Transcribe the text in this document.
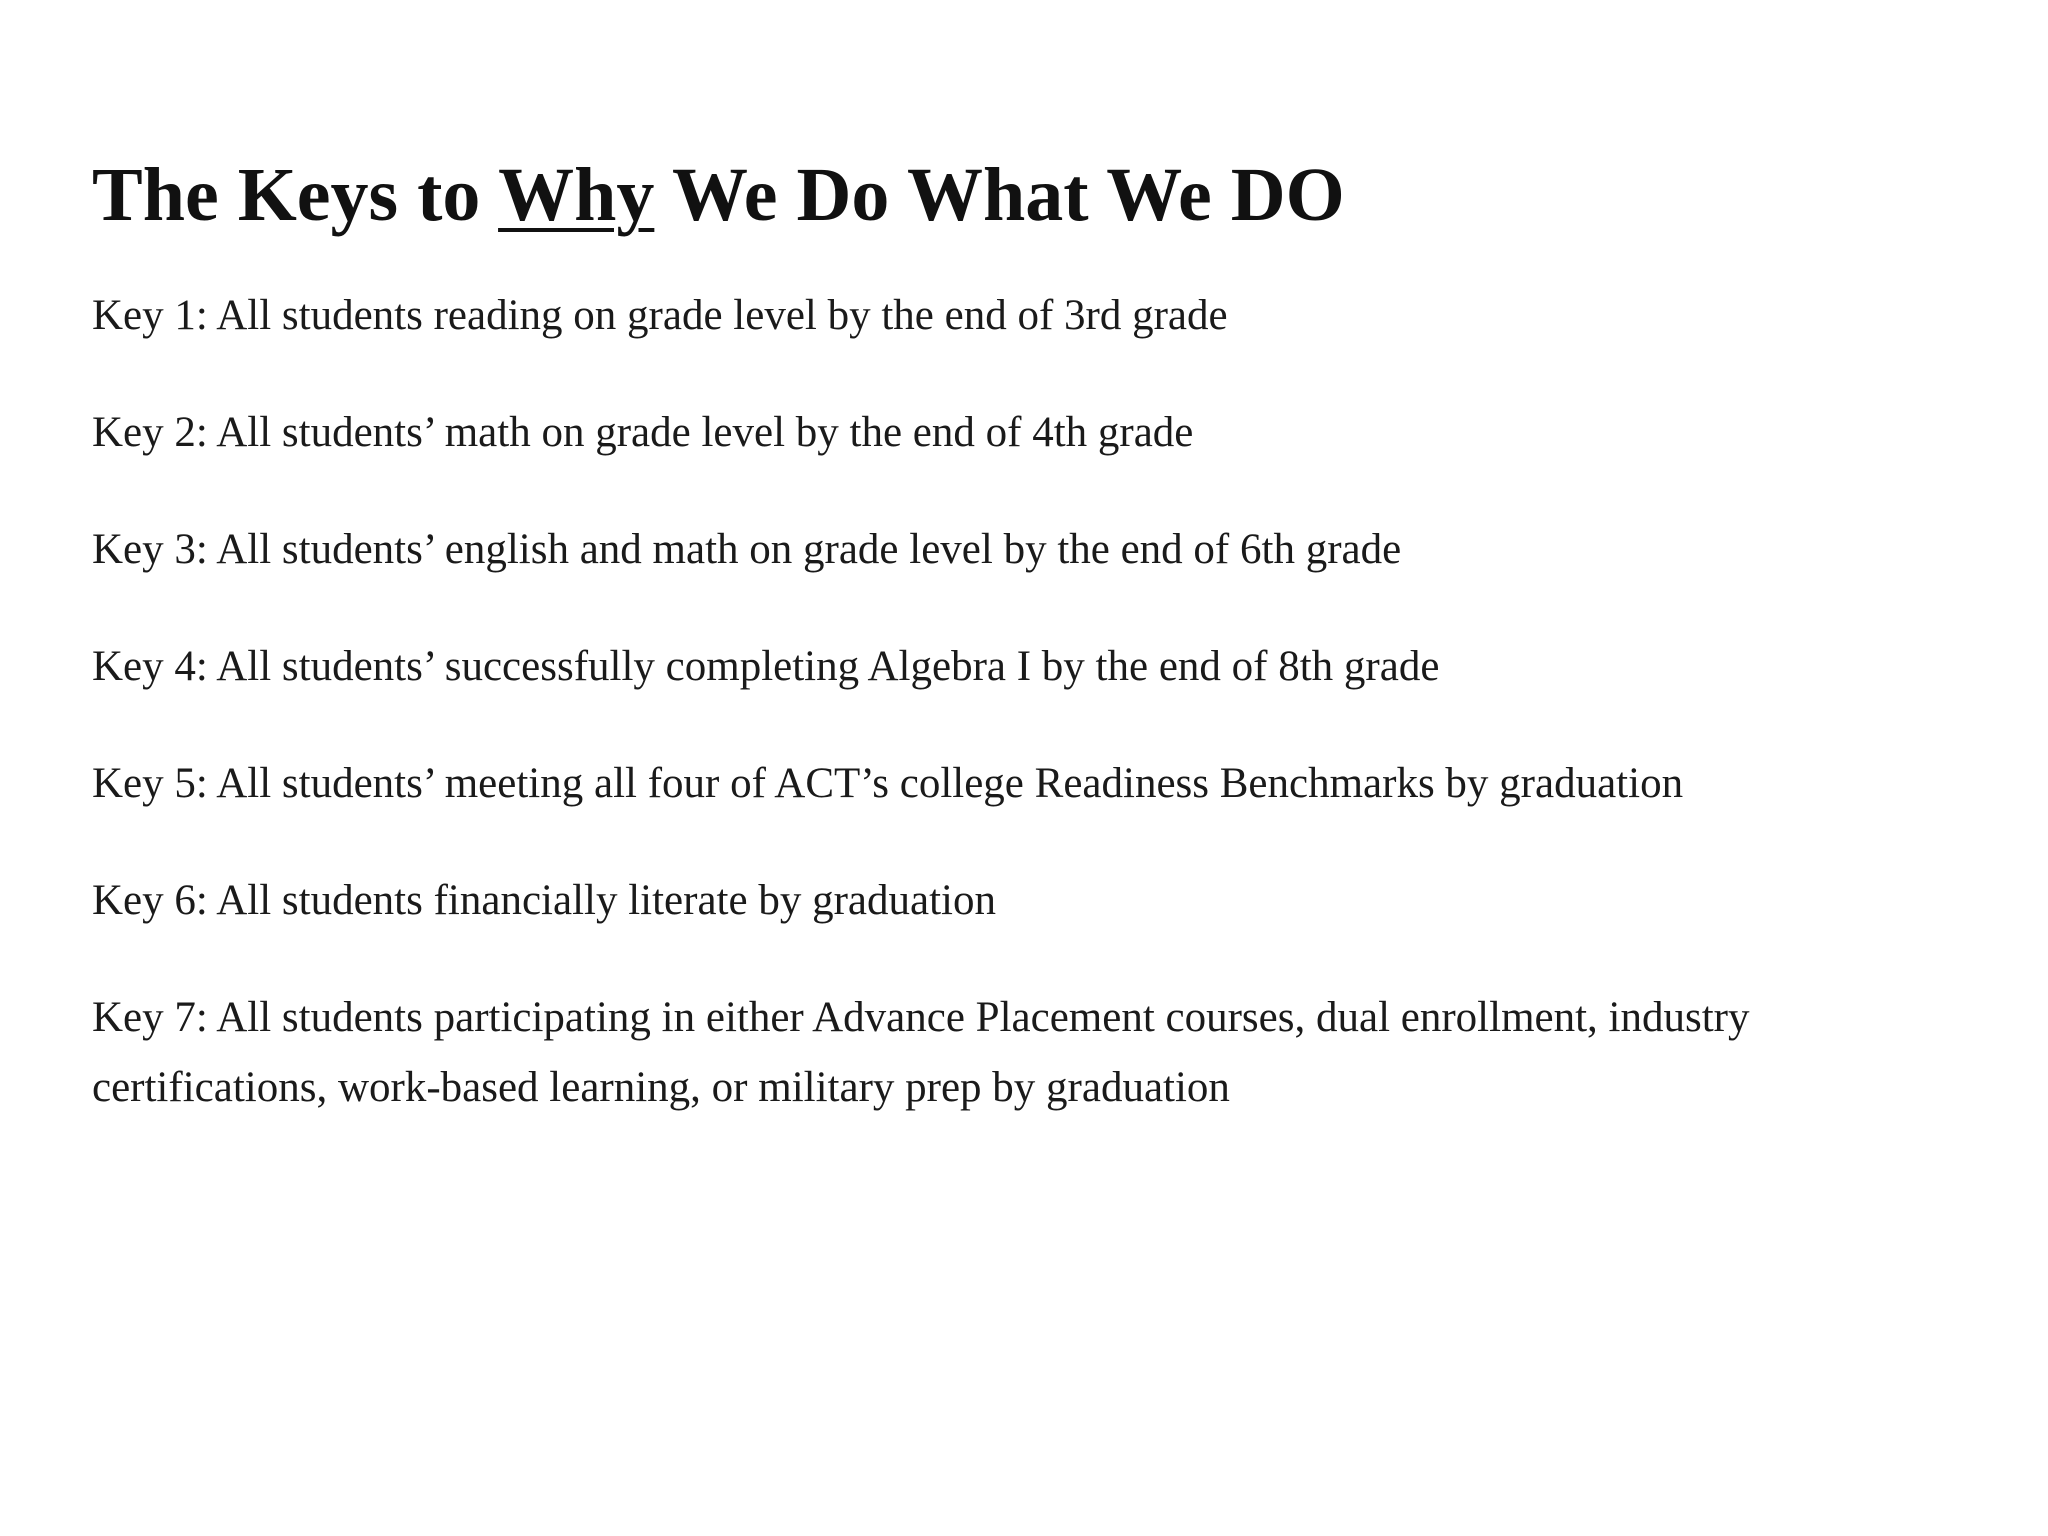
The Keys to Why We Do What We DO
Key 1: All students reading on grade level by the end of 3rd grade
Key 2: All students’ math on grade level by the end of 4th grade
Key 3: All students’ english and math on grade level by the end of 6th grade
Key 4: All students’ successfully completing Algebra I by the end of 8th grade
Key 5: All students’ meeting all four of ACT’s college Readiness Benchmarks by graduation
Key 6: All students financially literate by graduation
Key 7: All students participating in either Advance Placement courses, dual enrollment, industry certifications, work-based learning, or military prep by graduation
